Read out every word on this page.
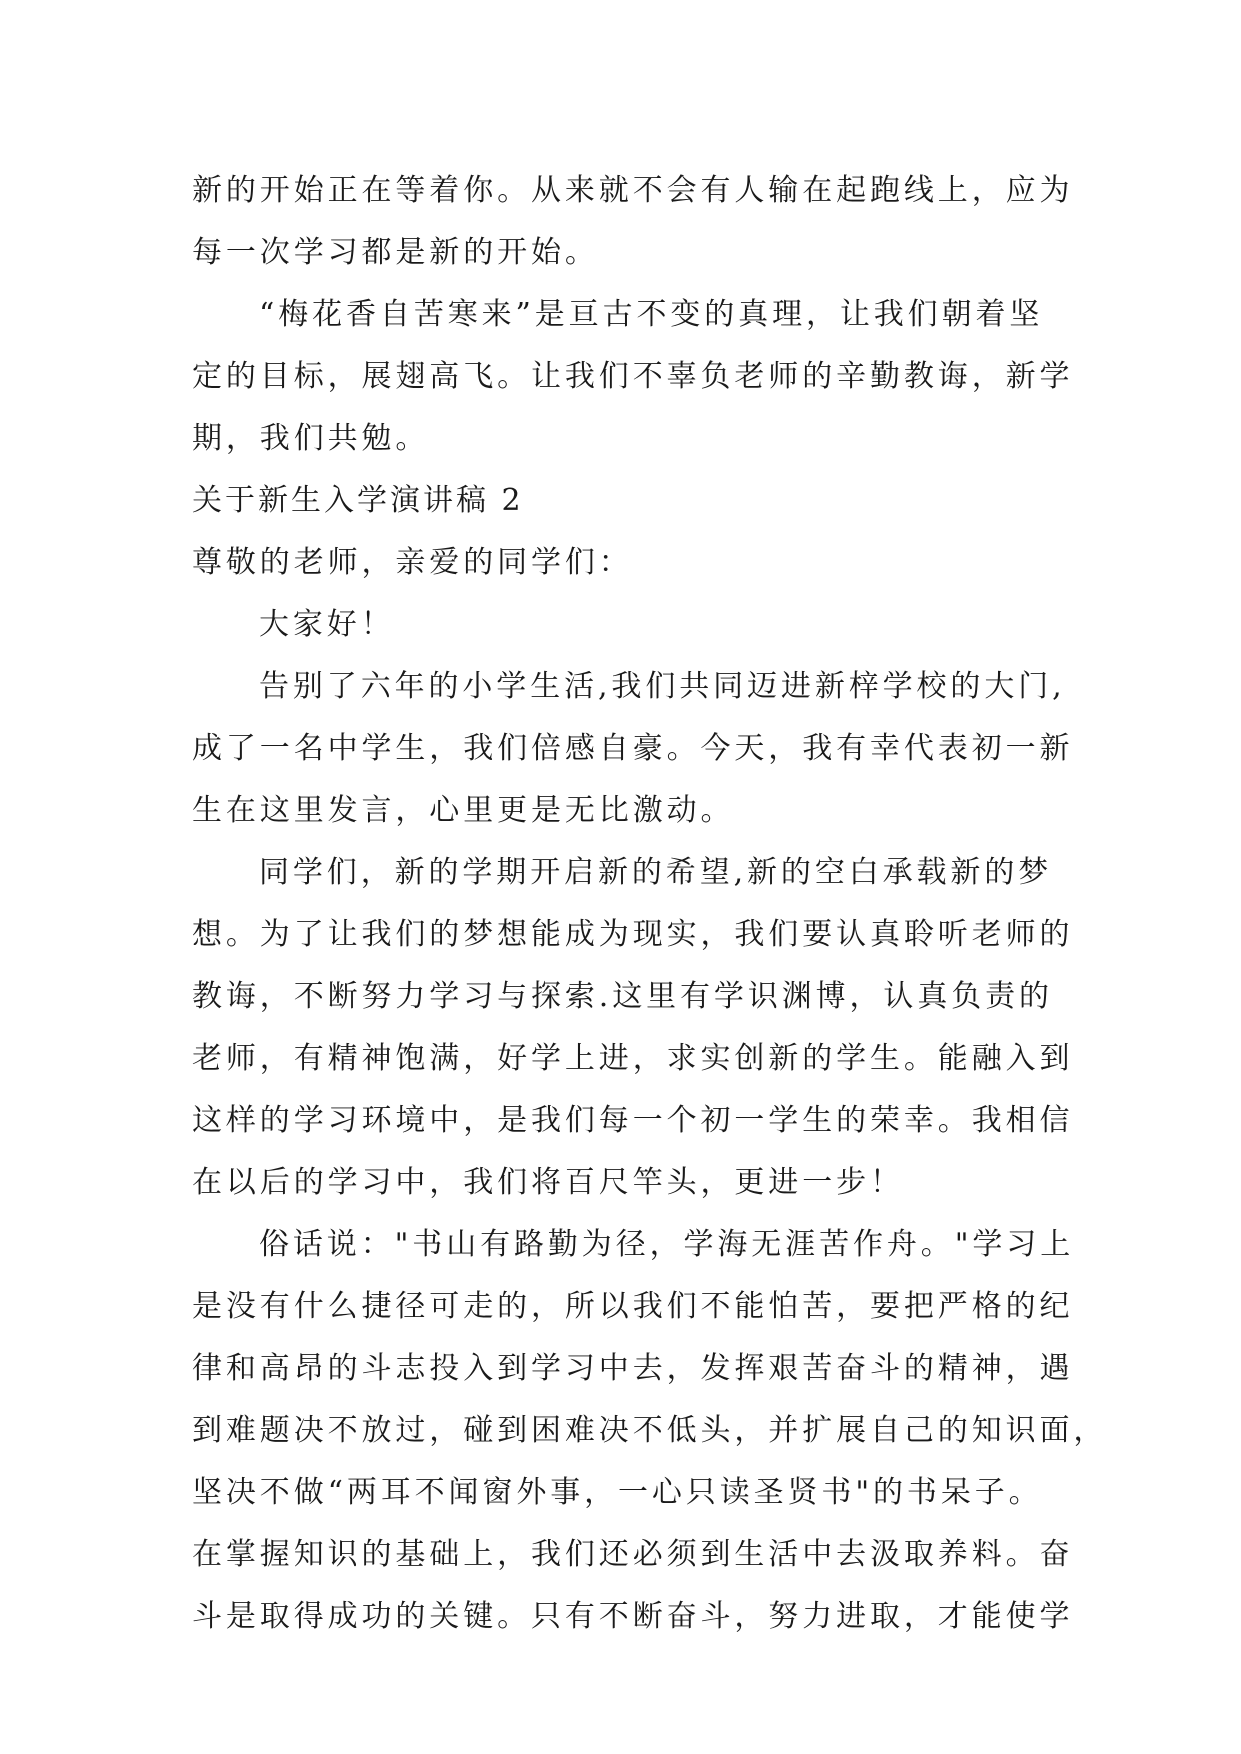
新的开始正在等着你。从来就不会有人输在起跑线上，应为
每一次学习都是新的开始。
“梅花香自苦寒来”是亘古不变的真理，让我们朝着坚
定的目标，展翅高飞。让我们不辜负老师的辛勤教诲，新学
期，我们共勉。
关于新生入学演讲稿 2
尊敬的老师，亲爱的同学们：
大家好！
告别了六年的小学生活,我们共同迈进新梓学校的大门,
成了一名中学生，我们倍感自豪。今天，我有幸代表初一新
生在这里发言，心里更是无比激动。
同学们，新的学期开启新的希望,新的空白承载新的梦
想。为了让我们的梦想能成为现实，我们要认真聆听老师的
教诲，不断努力学习与探索.这里有学识渊博，认真负责的
老师，有精神饱满，好学上进，求实创新的学生。能融入到
这样的学习环境中，是我们每一个初一学生的荣幸。我相信
在以后的学习中，我们将百尺竿头，更进一步！
俗话说："书山有路勤为径，学海无涯苦作舟。"学习上
是没有什么捷径可走的，所以我们不能怕苦，要把严格的纪
律和高昂的斗志投入到学习中去，发挥艰苦奋斗的精神，遇
到难题决不放过，碰到困难决不低头，并扩展自己的知识面，
坚决不做“两耳不闻窗外事，一心只读圣贤书"的书呆子。
在掌握知识的基础上，我们还必须到生活中去汲取养料。奋
斗是取得成功的关键。只有不断奋斗，努力进取，才能使学
